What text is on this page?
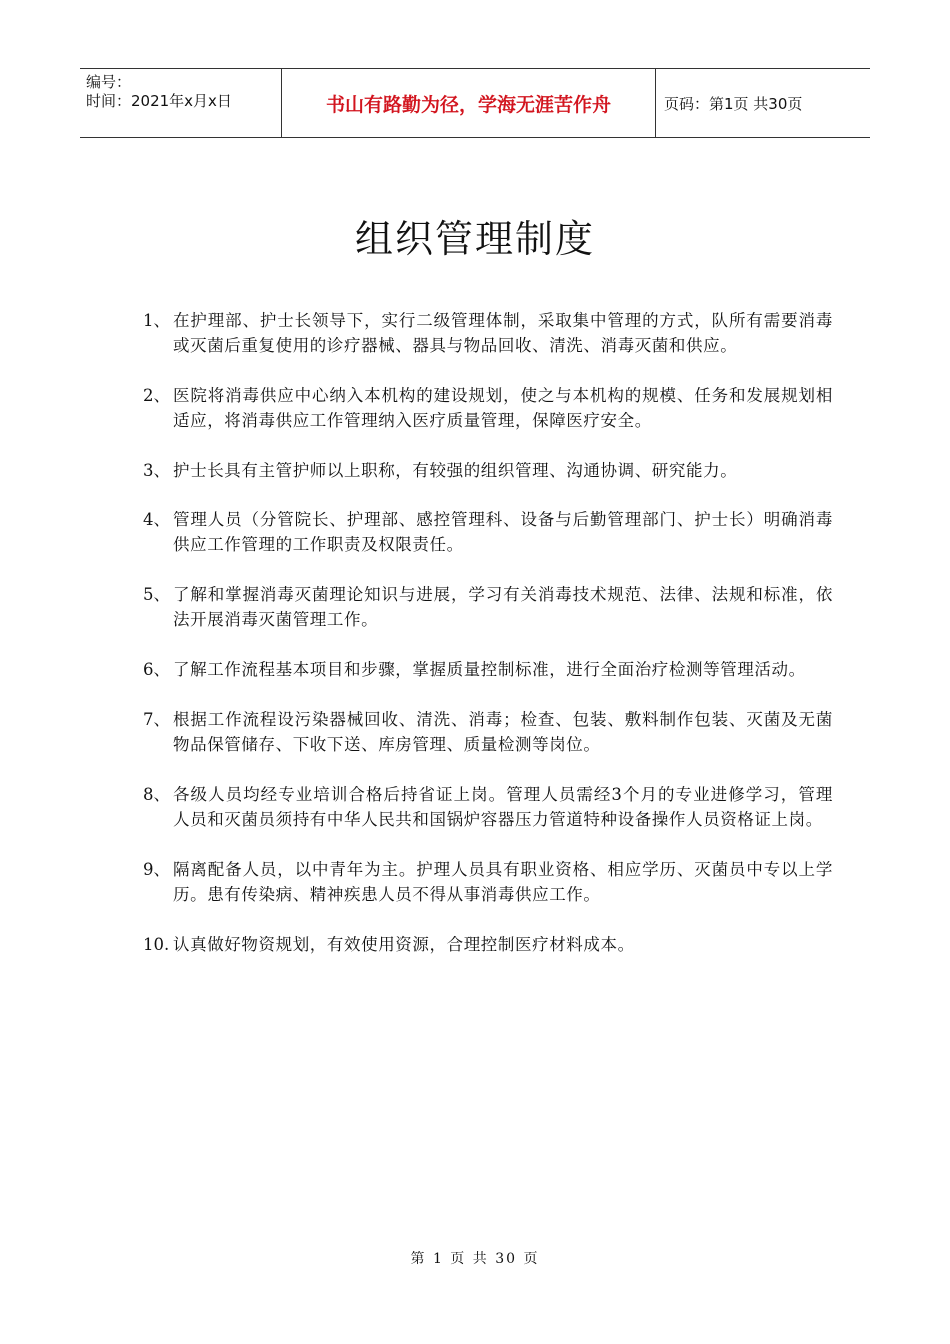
编号：
时间：2021年x月x日	书山有路勤为径，学海无涯苦作舟	页码：第1页 共30页
组织管理制度
1、 在护理部、护士长领导下，实行二级管理体制，采取集中管理的方式，队所有需要消毒或灭菌后重复使用的诊疗器械、器具与物品回收、清洗、消毒灭菌和供应。
2、 医院将消毒供应中心纳入本机构的建设规划，使之与本机构的规模、任务和发展规划相适应，将消毒供应工作管理纳入医疗质量管理，保障医疗安全。
3、 护士长具有主管护师以上职称，有较强的组织管理、沟通协调、研究能力。
4、 管理人员（分管院长、护理部、感控管理科、设备与后勤管理部门、护士长）明确消毒供应工作管理的工作职责及权限责任。
5、 了解和掌握消毒灭菌理论知识与进展，学习有关消毒技术规范、法律、法规和标准，依法开展消毒灭菌管理工作。
6、 了解工作流程基本项目和步骤，掌握质量控制标准，进行全面治疗检测等管理活动。
7、 根据工作流程设污染器械回收、清洗、消毒；检查、包装、敷料制作包装、灭菌及无菌物品保管储存、下收下送、库房管理、质量检测等岗位。
8、 各级人员均经专业培训合格后持省证上岗。管理人员需经3个月的专业进修学习，管理人员和灭菌员须持有中华人民共和国锅炉容器压力管道特种设备操作人员资格证上岗。
9、 隔离配备人员，以中青年为主。护理人员具有职业资格、相应学历、灭菌员中专以上学历。患有传染病、精神疾患人员不得从事消毒供应工作。
10. 认真做好物资规划，有效使用资源，合理控制医疗材料成本。
第 1 页 共 30 页
